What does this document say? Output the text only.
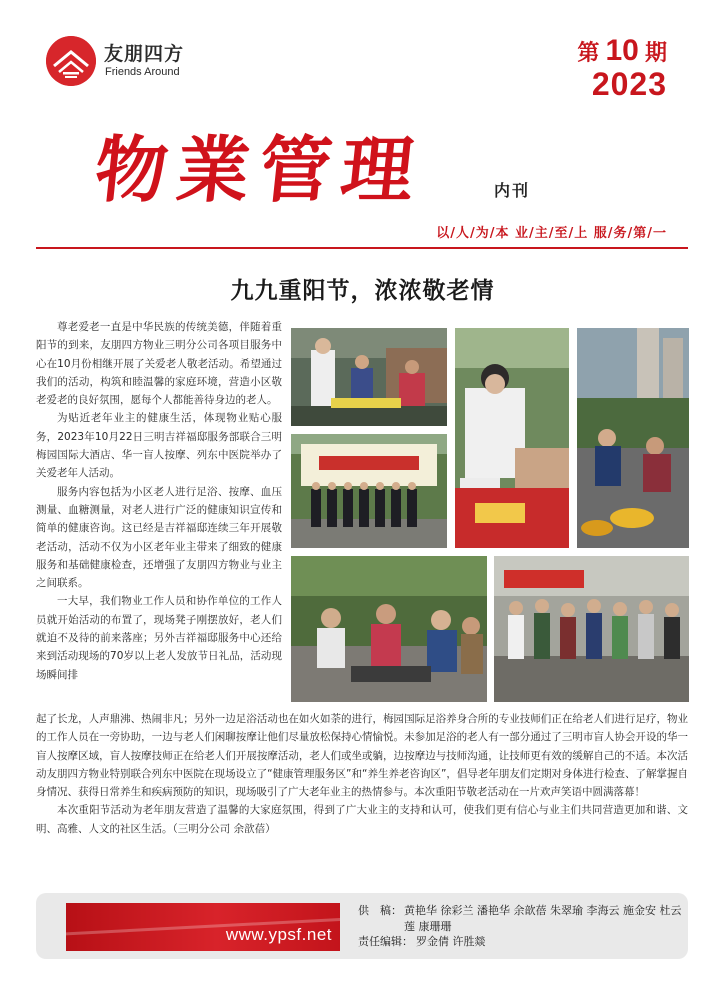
友朋四方
Friends Around
第 10 期
2023
物業管理	内刊
以/人/为/本 业/主/至/上 服/务/第/一
九九重阳节，浓浓敬老情

尊老爱老一直是中华民族的传统美德，伴随着重阳节的到来，友朋四方物业三明分公司各项目服务中心在10月份相继开展了关爱老人敬老活动。希望通过我们的活动，构筑和睦温馨的家庭环境，营造小区敬老爱老的良好氛围，愿每个人都能善待身边的老人。

为贴近老年业主的健康生活，体现物业贴心服务，2023年10月22日三明吉祥福邸服务部联合三明梅园国际大酒店、华一盲人按摩、列东中医院举办了关爱老年人活动。

服务内容包括为小区老人进行足浴、按摩、血压测量、血糖测量，对老人进行广泛的健康知识宣传和简单的健康咨询。这已经是吉祥福邸连续三年开展敬老活动，活动不仅为小区老年业主带来了细致的健康服务和基础健康检查，还增强了友朋四方物业与业主之间联系。

一大早，我们物业工作人员和协作单位的工作人员就开始活动的布置了，现场凳子刚摆放好，老人们就迫不及待的前来落座；另外吉祥福邸服务中心还给来到活动现场的70岁以上老人发放节日礼品，活动现场瞬间排

起了长龙，人声鼎沸、热闹非凡；另外一边足浴活动也在如火如荼的进行，梅园国际足浴养身合所的专业技师们正在给老人们进行足疗，物业的工作人员在一旁协助，一边与老人们闲聊按摩让他们尽量放松保持心情愉悦。未参加足浴的老人有一部分通过了三明市盲人协会开设的华一盲人按摩区域，盲人按摩技师正在给老人们开展按摩活动，老人们或坐或躺，边按摩边与技师沟通，让技师更有效的缓解自己的不适。本次活动友朋四方物业特别联合列东中医院在现场设立了“健康管理服务区”和“养生养老咨询区”，倡导老年朋友们定期对身体进行检查、了解掌握自身情况、获得日常养生和疾病预防的知识，现场吸引了广大老年业主的热情参与。本次重阳节敬老活动在一片欢声笑语中圆满落幕！

本次重阳节活动为老年朋友营造了温馨的大家庭氛围，得到了广大业主的支持和认可，使我们更有信心与业主们共同营造更加和谐、文明、高雅、人文的社区生活。（三明分公司 余歆蓓）

www.ypsf.net
供　稿： 黄艳华 徐彩兰 潘艳华 余歆蓓 朱翠瑜 李海云 施金安 杜云莲 康珊珊
责任编辑： 罗金倩 许胜燚
